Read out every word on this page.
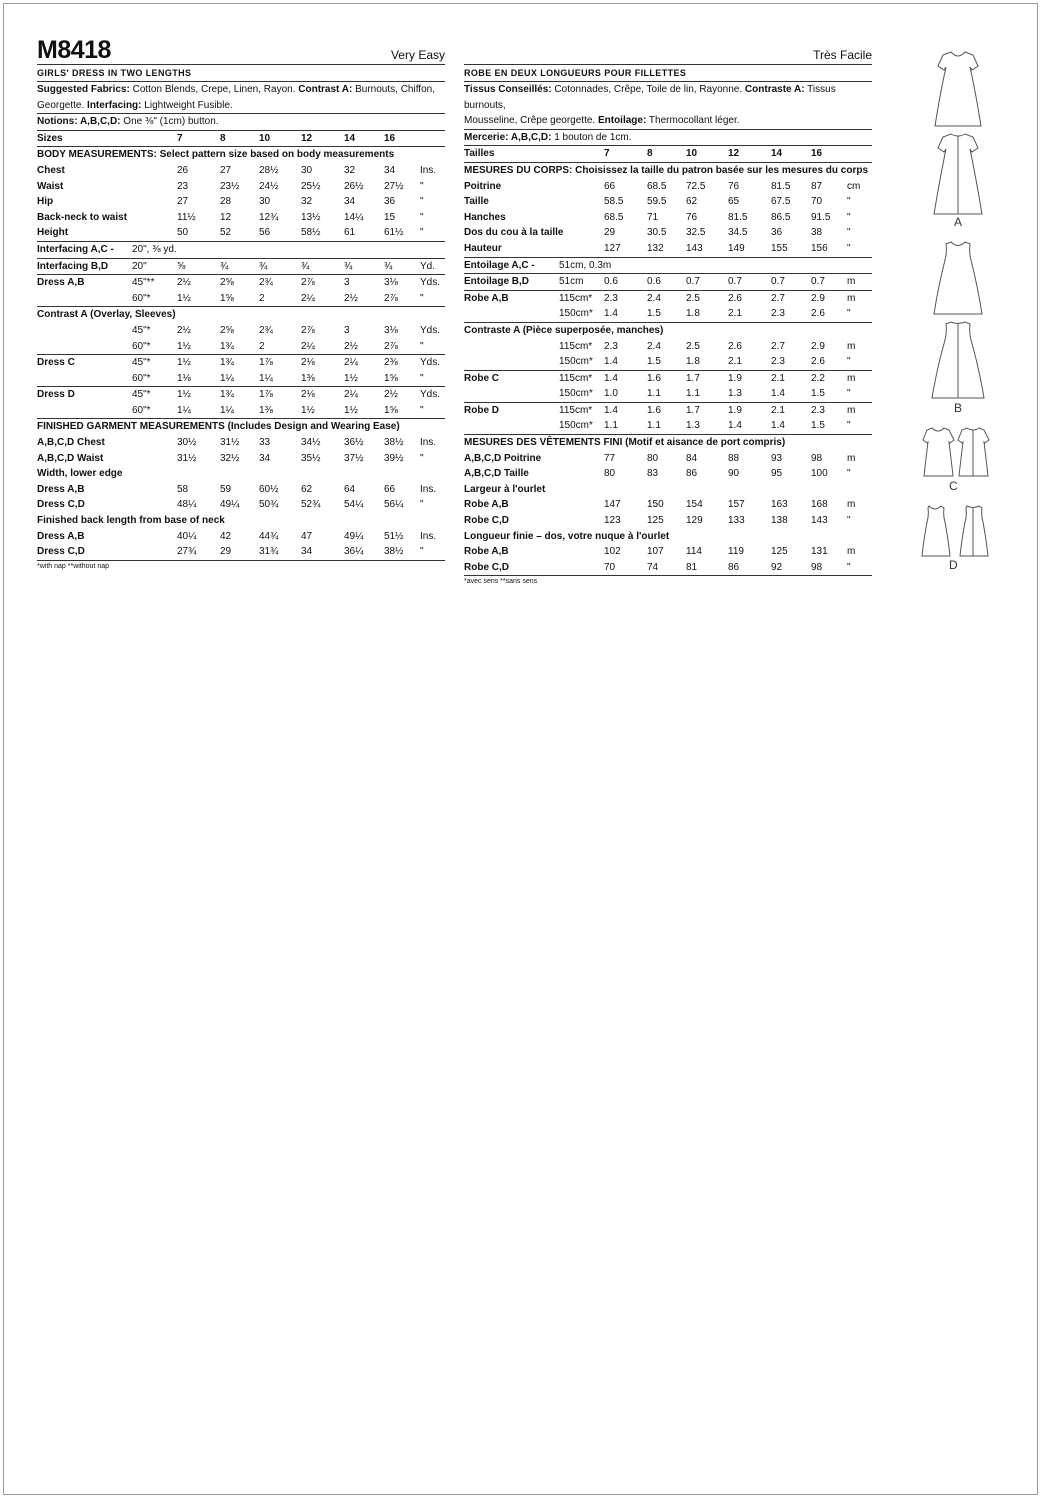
M8418	Very Easy
GIRLS' DRESS IN TWO LENGTHS
Suggested Fabrics: Cotton Blends, Crepe, Linen, Rayon. Contrast A: Burnouts, Chiffon,
Georgette. Interfacing: Lightweight Fusible.
Notions: A,B,C,D: One ⅜" (1cm) button.
Sizes	7	8	10	12	14	16
BODY MEASUREMENTS: Select pattern size based on body measurements
Chest	26	27	28½ 30	32	34 Ins.
Waist	23	23½ 24½ 25½ 26½ 27½ "
Hip	27	28	30	32	34	36 "
Back-neck to waist	11½ 12	12¾ 13½ 14¼ 15 "
Height	50	52	56	58½ 61	61½ "
Interfacing A,C - 20", ⅜ yd.
Interfacing B,D 20"	⅝	¾	¾	¾	¾	¾	Yd.
Dress A,B	45"** 2½	2⅝	2¾	2⅞	3	3⅛ Yds.
60"*	1½	1⅝	2	2¼	2½	2⅞ "
Contrast A (Overlay, Sleeves)
45"*	2½	2⅝	2¾	2⅞	3	3⅛ Yds.
60"*	1½	1¾	2	2¼	2½	2⅞ "
Dress C	45"*	1½	1¾	1⅞	2⅛	2¼	2⅜ Yds.
60"*	1⅛	1¼	1¼	1⅜	1½	1⅝ "
Dress D	45"*	1½	1¾	1⅞	2⅛	2¼	2½ Yds.
60"*	1¼	1¼	1⅜	1½	1½	1⅝ "
FINISHED GARMENT MEASUREMENTS (Includes Design and Wearing Ease)
A,B,C,D Chest	30½ 31½ 33	34½ 36½ 38½ Ins.
A,B,C,D Waist	31½ 32½ 34	35½ 37½ 39½ "
Width, lower edge
Dress A,B	58	59	60½ 62	64	66 Ins.
Dress C,D	48¼ 49¼ 50¾ 52¾ 54¼ 56¼ "
Finished back length from base of neck
Dress A,B	40¼ 42	44¾ 47	49¼ 51½ Ins.
Dress C,D	27¾ 29	31¾ 34	36¼ 38½ "
*with nap **without nap
Très Facile
ROBE EN DEUX LONGUEURS POUR FILLETTES
Tissus Conseillés: Cotonnades, Crêpe, Toile de lin, Rayonne. Contraste A: Tissus burnouts,
Mousseline, Crêpe georgette. Entoilage: Thermocollant léger.
Mercerie: A,B,C,D: 1 bouton de 1cm.
Tailles	7	8	10	12	14	16
MESURES DU CORPS: Choisissez la taille du patron basée sur les mesures du corps
Poitrine	66	68.5 72.5 76	81.5 87 cm
Taille	58.5 59.5 62	65	67.5 70 "
Hanches	68.5 71	76	81.5 86.5 91.5 "
Dos du cou à la taille	29	30.5 32.5 34.5 36	38 "
Hauteur	127	132 143	149	155 156 "
Entoilage A,C - 51cm, 0.3m
Entoilage B,D	51cm 0.6	0.6	0.7	0.7	0.7	0.7 m
Robe A,B	115cm* 2.3	2.4	2.5	2.6	2.7	2.9 m
150cm* 1.4	1.5	1.8	2.1	2.3	2.6 "
Contraste A (Pièce superposée, manches)
115cm* 2.3	2.4	2.5	2.6	2.7	2.9 m
150cm* 1.4	1.5	1.8	2.1	2.3	2.6 "
Robe C	115cm* 1.4	1.6	1.7	1.9	2.1	2.2 m
150cm* 1.0	1.1	1.1	1.3	1.4	1.5 "
Robe D	115cm* 1.4	1.6	1.7	1.9	2.1	2.3 m
150cm* 1.1	1.1	1.3	1.4	1.4	1.5 "
MESURES DES VÊTEMENTS FINI (Motif et aisance de port compris)
A,B,C,D Poitrine	77	80	84	88	93	98 m
A,B,C,D Taille	80	83	86	90	95	100 "
Largeur à l'ourlet
Robe A,B	147	150 154	157	163 168 m
Robe C,D	123	125 129	133	138 143 "
Longueur finie – dos, votre nuque à l'ourlet
Robe A,B	102	107 114	119	125 131 m
Robe C,D	70	74	81	86	92	98 "
*avec sens **sans sens
A
B
C
D
